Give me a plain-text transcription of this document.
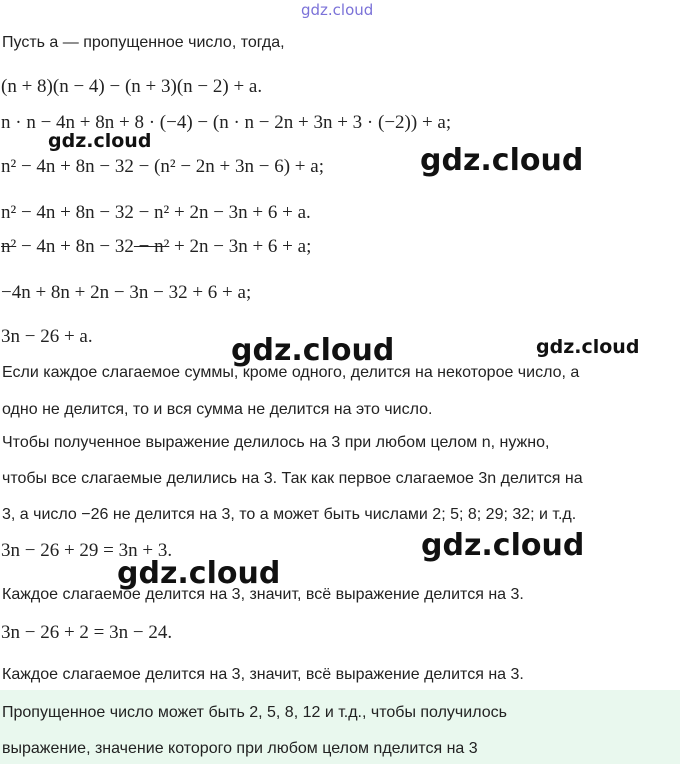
gdz.cloud
Пусть a — пропущенное число, тогда,
(n + 8)(n − 4) − (n + 3)(n − 2) + a.
n · n − 4n + 8n + 8 · (−4) − (n · n − 2n + 3n + 3 · (−2)) + a;
n² − 4n + 8n − 32 − (n² − 2n + 3n − 6) + a;
n² − 4n + 8n − 32 − n² + 2n − 3n + 6 + a.
n² − 4n + 8n − 32 − n² + 2n − 3n + 6 + a;
−4n + 8n + 2n − 3n − 32 + 6 + a;
3n − 26 + a.
Если каждое слагаемое суммы, кроме одного, делится на некоторое число, а
одно не делится, то и вся сумма не делится на это число.
Чтобы полученное выражение делилось на 3 при любом целом n, нужно,
чтобы все слагаемые делились на 3. Так как первое слагаемое 3n делится на
3, а число −26 не делится на 3, то a может быть числами 2; 5; 8; 29; 32; и т.д.
3n − 26 + 29 = 3n + 3.
Каждое слагаемое делится на 3, значит, всё выражение делится на 3.
3n − 26 + 2 = 3n − 24.
Каждое слагаемое делится на 3, значит, всё выражение делится на 3.
Пропущенное число может быть 2, 5, 8, 12 и т.д., чтобы получилось
выражение, значение которого при любом целом nделится на 3
gdz.cloud
gdz.cloud
gdz.cloud	gdz.cloud
gdz.cloud
gdz.cloud
